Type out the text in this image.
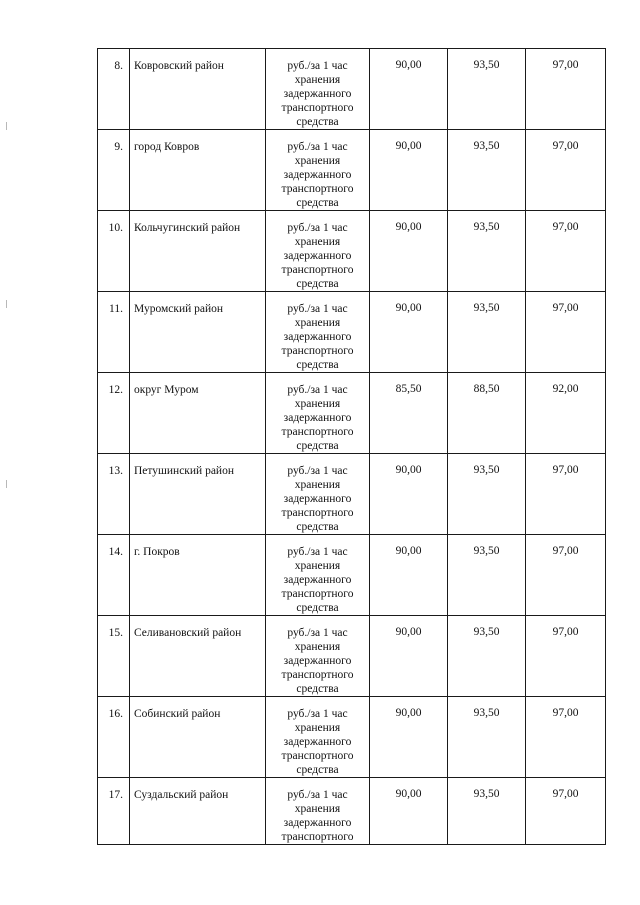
8.	Ковровский район	руб./за 1 час
хранения
задержанного
транспортного
средства	90,00	93,50	97,00
9.	город Ковров	руб./за 1 час
хранения
задержанного
транспортного
средства	90,00	93,50	97,00
10.	Кольчугинский район	руб./за 1 час
хранения
задержанного
транспортного
средства	90,00	93,50	97,00
11.	Муромский район	руб./за 1 час
хранения
задержанного
транспортного
средства	90,00	93,50	97,00
12.	округ Муром	руб./за 1 час
хранения
задержанного
транспортного
средства	85,50	88,50	92,00
13.	Петушинский район	руб./за 1 час
хранения
задержанного
транспортного
средства	90,00	93,50	97,00
14.	г. Покров	руб./за 1 час
хранения
задержанного
транспортного
средства	90,00	93,50	97,00
15.	Селивановский район	руб./за 1 час
хранения
задержанного
транспортного
средства	90,00	93,50	97,00
16.	Собинский район	руб./за 1 час
хранения
задержанного
транспортного
средства	90,00	93,50	97,00
17.	Суздальский район	руб./за 1 час
хранения
задержанного
транспортного	90,00	93,50	97,00
